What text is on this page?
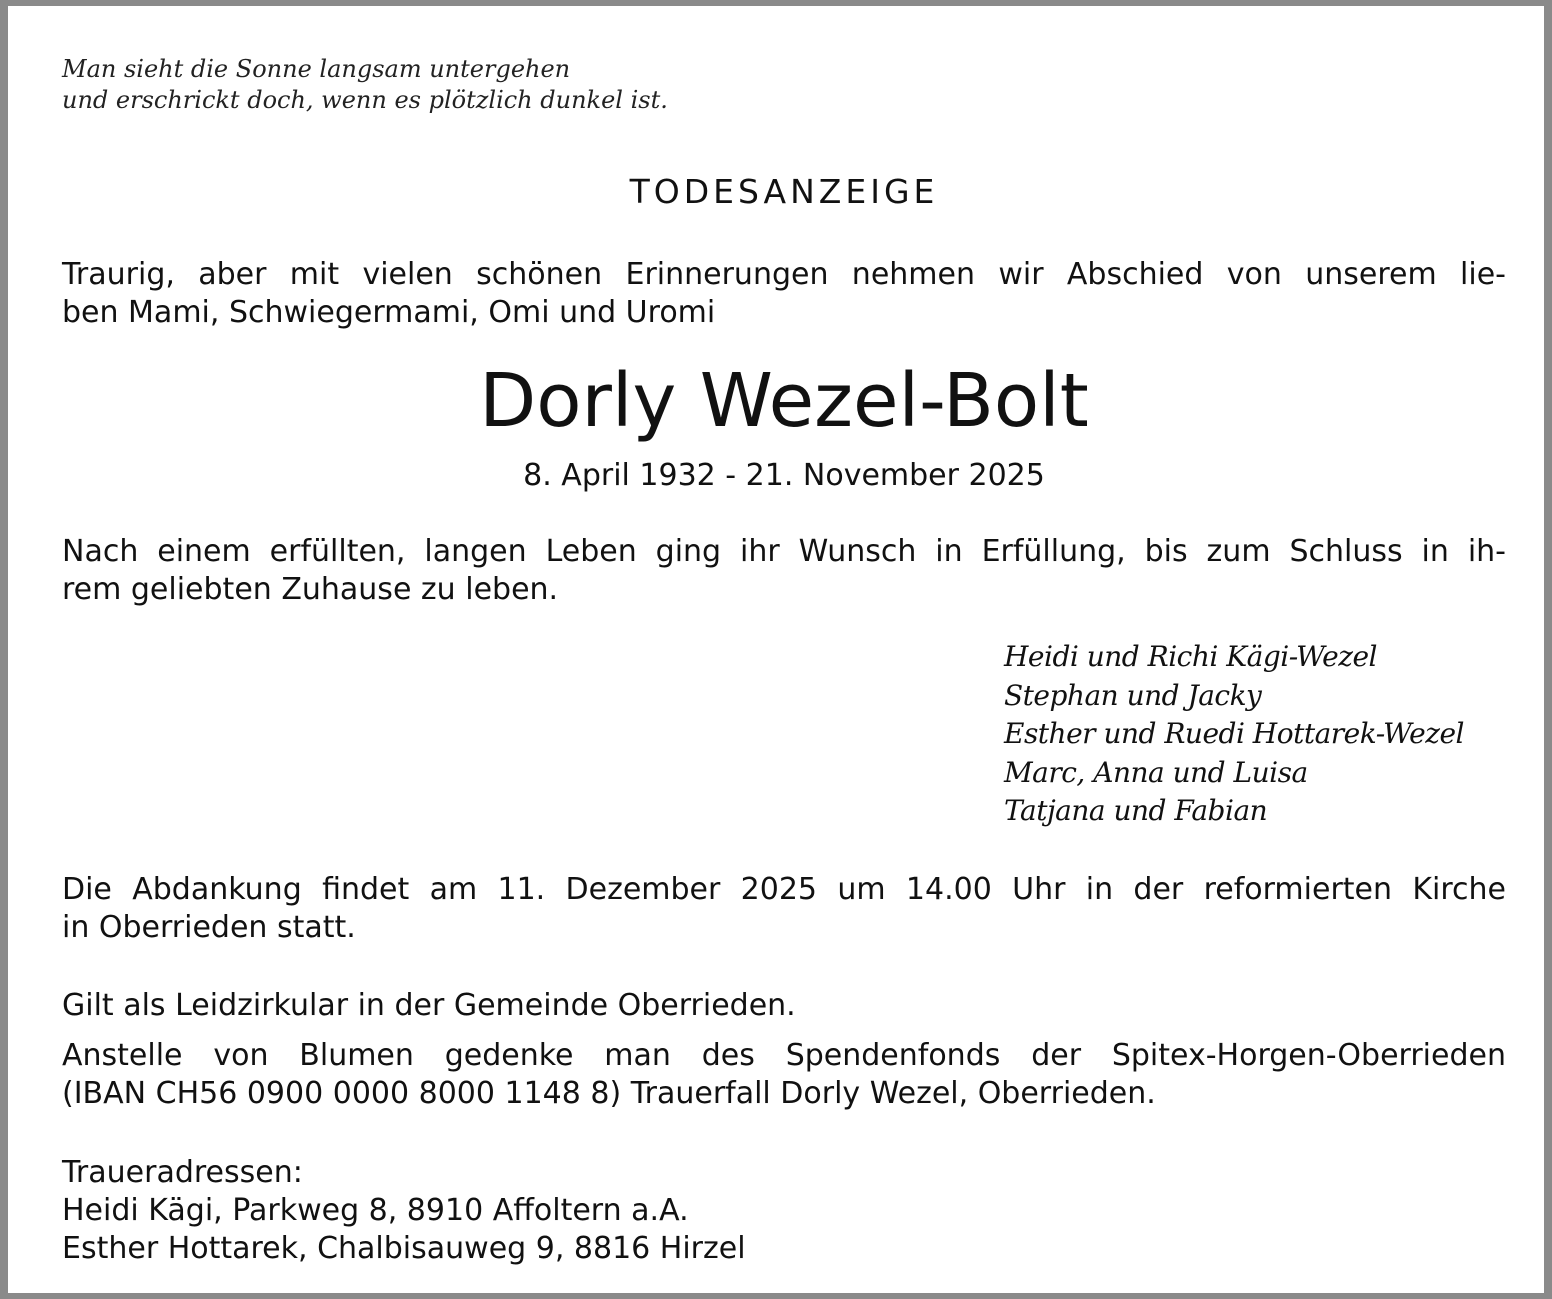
Man sieht die Sonne langsam untergehen
und erschrickt doch, wenn es plötzlich dunkel ist.

TODESANZEIGE

Traurig, aber mit vielen schönen Erinnerungen nehmen wir Abschied von unserem lie-
ben Mami, Schwiegermami, Omi und Uromi

Dorly Wezel-Bolt

8. April 1932 - 21. November 2025

Nach einem erfüllten, langen Leben ging ihr Wunsch in Erfüllung, bis zum Schluss in ih-
rem geliebten Zuhause zu leben.

Heidi und Richi Kägi-Wezel
Stephan und Jacky
Esther und Ruedi Hottarek-Wezel
Marc, Anna und Luisa
Tatjana und Fabian

Die Abdankung findet am 11. Dezember 2025 um 14.00 Uhr in der reformierten Kirche
in Oberrieden statt.

Gilt als Leidzirkular in der Gemeinde Oberrieden.

Anstelle von Blumen gedenke man des Spendenfonds der Spitex-Horgen-Oberrieden
(IBAN CH56 0900 0000 8000 1148 8) Trauerfall Dorly Wezel, Oberrieden.

Traueradressen:
Heidi Kägi, Parkweg 8, 8910 Affoltern a.A.
Esther Hottarek, Chalbisauweg 9, 8816 Hirzel
